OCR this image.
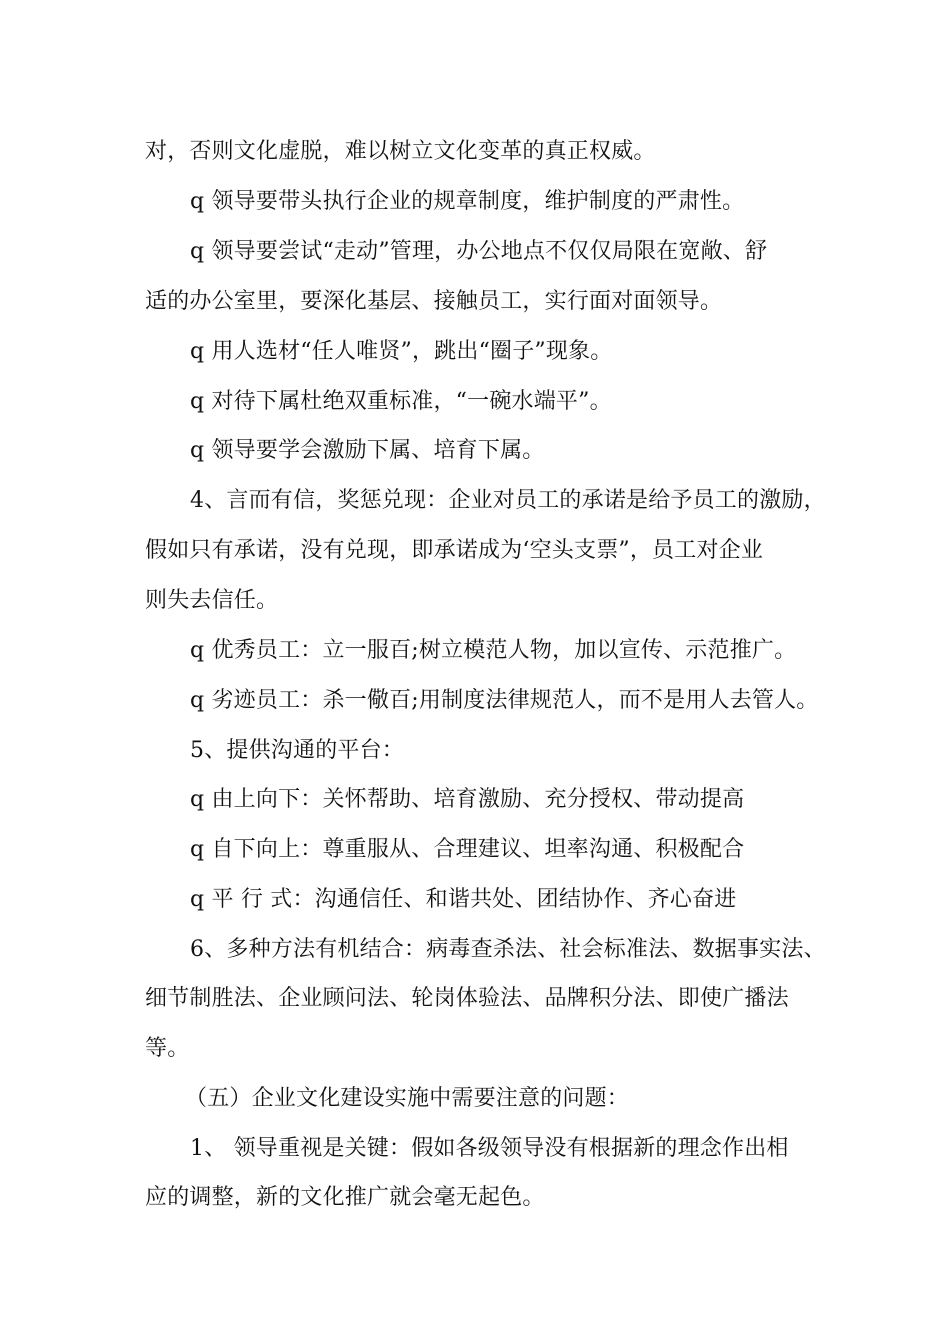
对，否则文化虚脱，难以树立文化变革的真正权威。
q 领导要带头执行企业的规章制度，维护制度的严肃性。
q 领导要尝试“走动”管理，办公地点不仅仅局限在宽敞、舒
适的办公室里，要深化基层、接触员工，实行面对面领导。
q 用人选材“任人唯贤”，跳出“圈子”现象。
q 对待下属杜绝双重标准，“一碗水端平”。
q 领导要学会激励下属、培育下属。
4、言而有信，奖惩兑现：企业对员工的承诺是给予员工的激励，
假如只有承诺，没有兑现，即承诺成为‘空头支票”，员工对企业
则失去信任。
q 优秀员工：立一服百;树立模范人物，加以宣传、示范推广。
q 劣迹员工：杀一儆百;用制度法律规范人，而不是用人去管人。
5、提供沟通的平台：
q 由上向下：关怀帮助、培育激励、充分授权、带动提高
q 自下向上：尊重服从、合理建议、坦率沟通、积极配合
q 平 行 式：沟通信任、和谐共处、团结协作、齐心奋进
6、多种方法有机结合：病毒查杀法、社会标准法、数据事实法、
细节制胜法、企业顾问法、轮岗体验法、品牌积分法、即使广播法
等。
（五）企业文化建设实施中需要注意的问题：
1、 领导重视是关键：假如各级领导没有根据新的理念作出相
应的调整，新的文化推广就会毫无起色。
